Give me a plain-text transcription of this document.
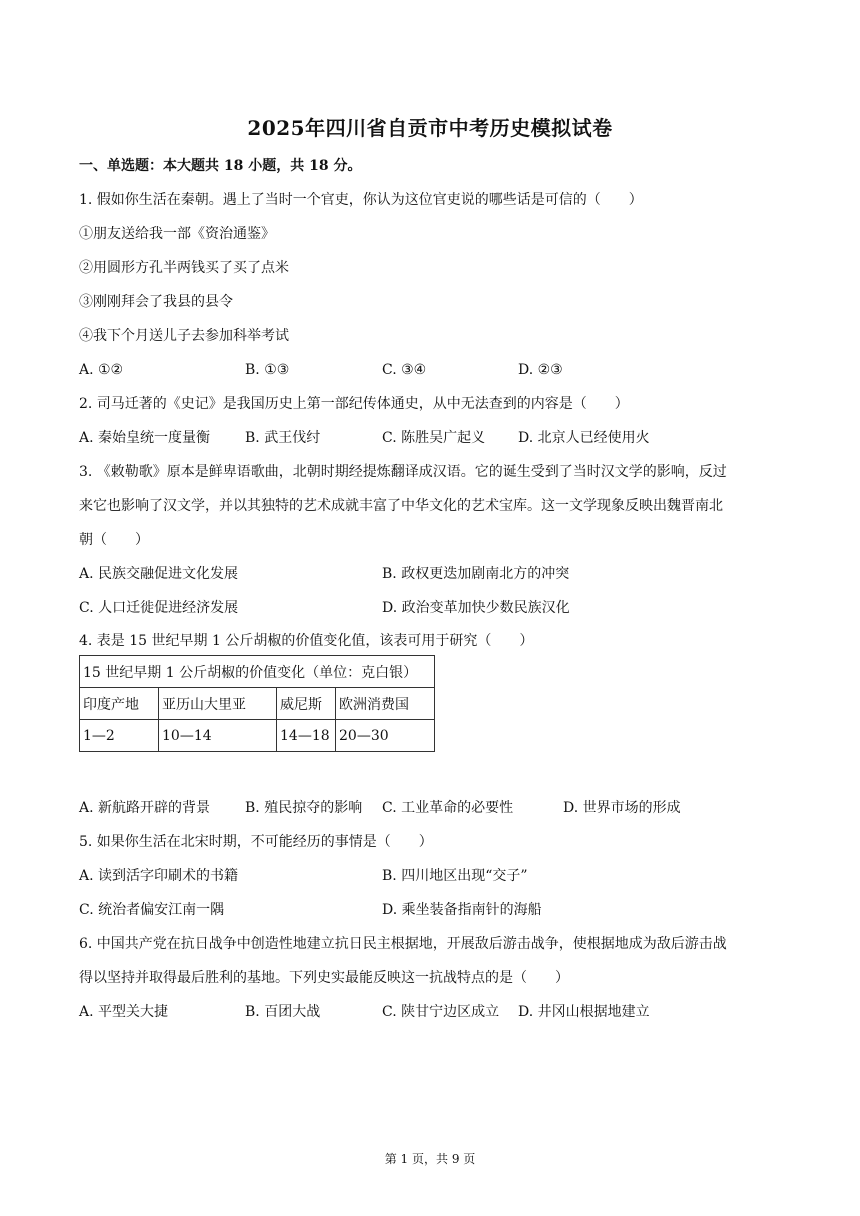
2025年四川省自贡市中考历史模拟试卷
一、单选题：本大题共 18 小题，共 18 分。
1. 假如你生活在秦朝。遇上了当时一个官吏，你认为这位官吏说的哪些话是可信的（　　）
①朋友送给我一部《资治通鉴》
②用圆形方孔半两钱买了买了点米
③刚刚拜会了我县的县令
④我下个月送儿子去参加科举考试
A. ①②	B. ①③	C. ③④	D. ②③
2. 司马迁著的《史记》是我国历史上第一部纪传体通史，从中无法查到的内容是（　　）
A. 秦始皇统一度量衡 B. 武王伐纣	C. 陈胜吴广起义 D. 北京人已经使用火
3. 《敕勒歌》原本是鲜卑语歌曲，北朝时期经提炼翻译成汉语。它的诞生受到了当时汉文学的影响，反过
来它也影响了汉文学，并以其独特的艺术成就丰富了中华文化的艺术宝库。这一文学现象反映出魏晋南北
朝（　　）
A. 民族交融促进文化发展	B. 政权更迭加剧南北方的冲突
C. 人口迁徙促进经济发展	D. 政治变革加快少数民族汉化
4. 表是 15 世纪早期 1 公斤胡椒的价值变化值，该表可用于研究（　　）
15 世纪早期 1 公斤胡椒的价值变化（单位：克白银）			
印度产地	亚历山大里亚	威尼斯	欧洲消费国
1—2	10—14	14—18	20—30
A. 新航路开辟的背景 B. 殖民掠夺的影响 C. 工业革命的必要性	D. 世界市场的形成
5. 如果你生活在北宋时期，不可能经历的事情是（　　）
A. 读到活字印刷术的书籍	B. 四川地区出现“交子”
C. 统治者偏安江南一隅	D. 乘坐装备指南针的海船
6. 中国共产党在抗日战争中创造性地建立抗日民主根据地，开展敌后游击战争，使根据地成为敌后游击战
得以坚持并取得最后胜利的基地。下列史实最能反映这一抗战特点的是（　　）
A. 平型关大捷	B. 百团大战	C. 陕甘宁边区成立 D. 井冈山根据地建立
第 1 页，共 9 页
